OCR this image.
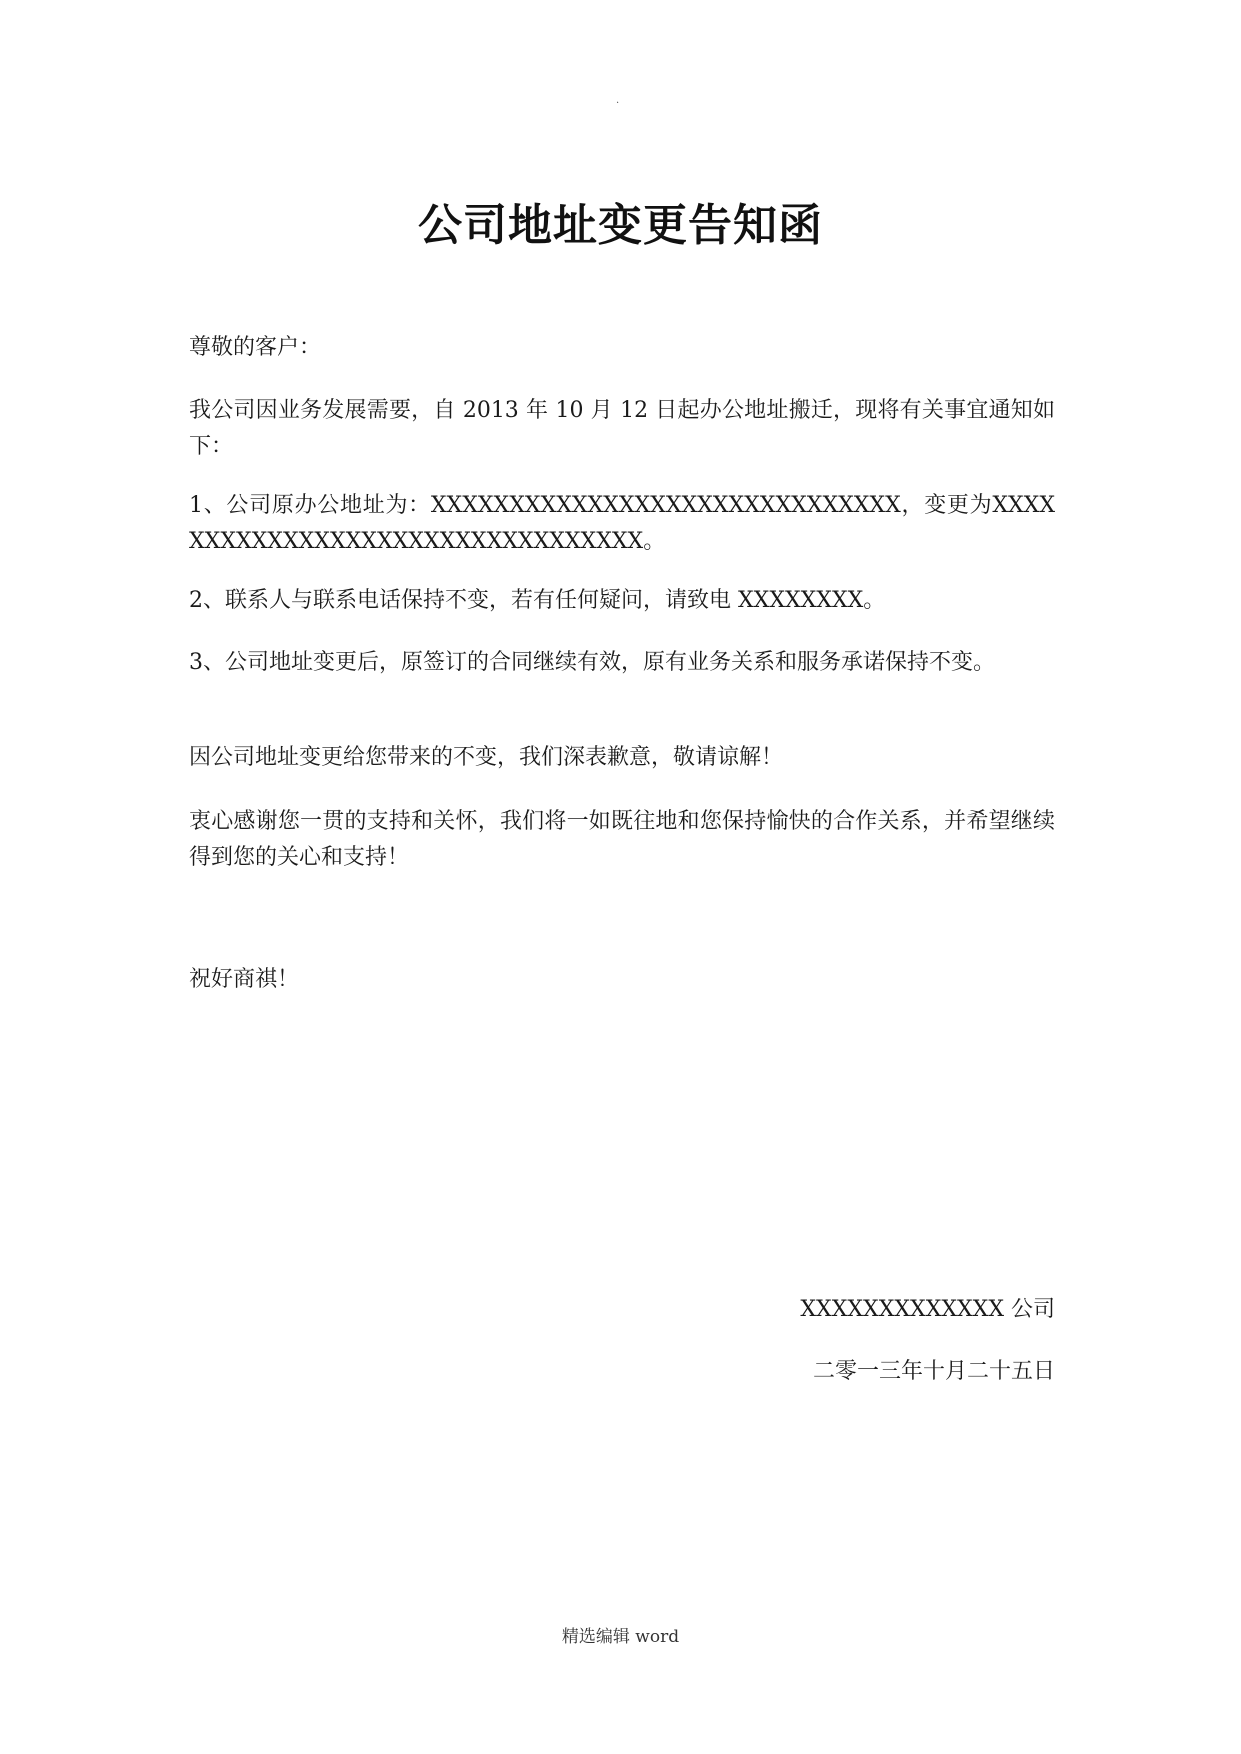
.
公司地址变更告知函

尊敬的客户：

我公司因业务发展需要，自 2013 年 10 月 12 日起办公地址搬迁，现将有关事宜通知如下：

1、公司原办公地址为：XXXXXXXXXXXXXXXXXXXXXXXXXXXXXX，变更为XXXXXXXXXXXXXXXXXXXXXXXXXXXXXXXXX。

2、联系人与联系电话保持不变，若有任何疑问，请致电 XXXXXXXX。

3、公司地址变更后，原签订的合同继续有效，原有业务关系和服务承诺保持不变。

因公司地址变更给您带来的不变，我们深表歉意，敬请谅解！

衷心感谢您一贯的支持和关怀，我们将一如既往地和您保持愉快的合作关系，并希望继续得到您的关心和支持！

祝好商祺！

XXXXXXXXXXXXX 公司
二零一三年十月二十五日
精选编辑 word
